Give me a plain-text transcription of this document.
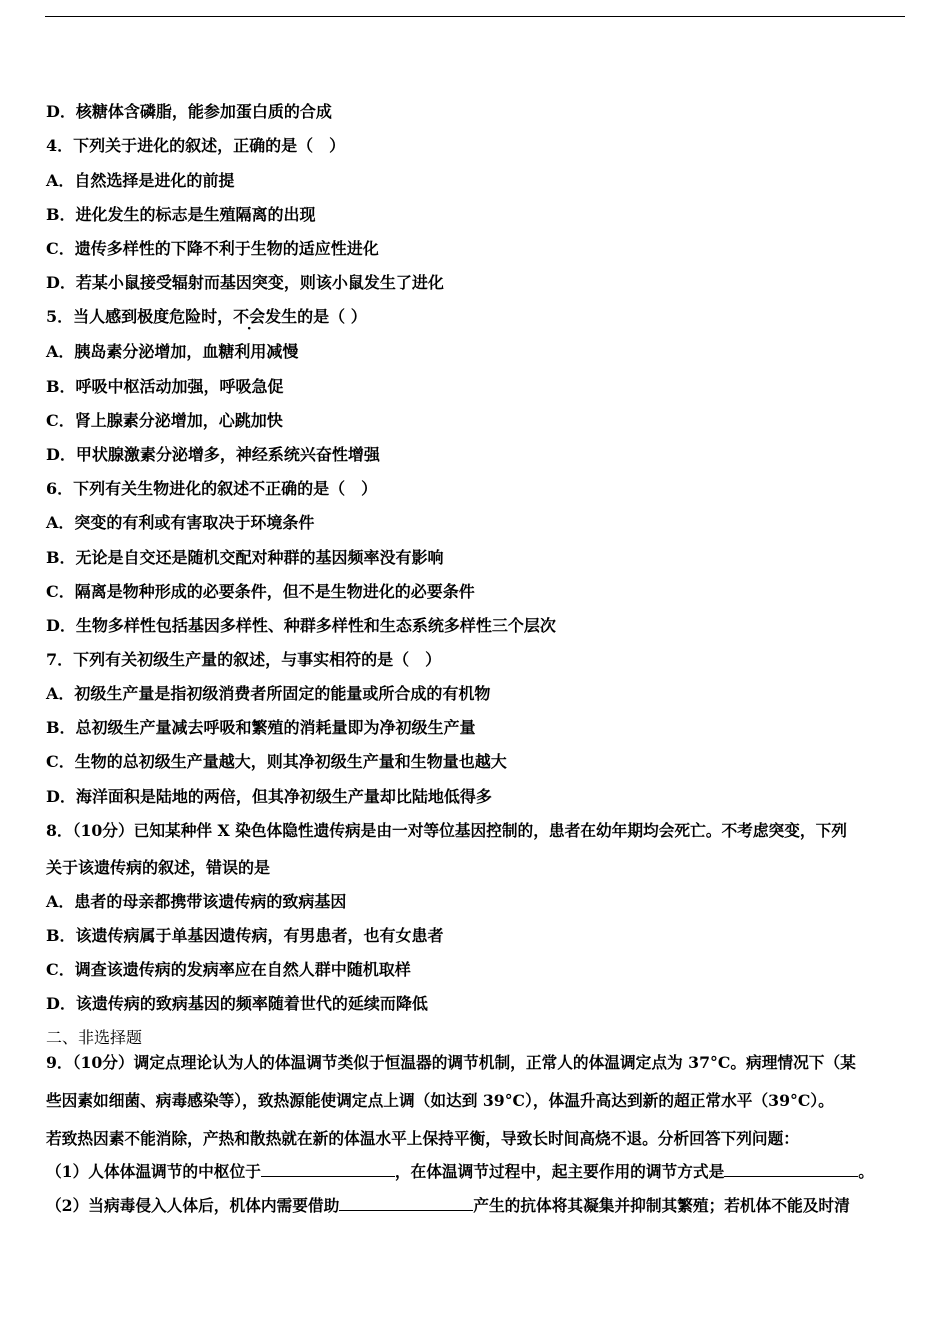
D．核糖体含磷脂，能参加蛋白质的合成
4．下列关于进化的叙述，正确的是（　）
A．自然选择是进化的前提
B．进化发生的标志是生殖隔离的出现
C．遗传多样性的下降不利于生物的适应性进化
D．若某小鼠接受辐射而基因突变，则该小鼠发生了进化
5．当人感到极度危险时，不会发生的是（ ）
A．胰岛素分泌增加，血糖利用减慢
B．呼吸中枢活动加强，呼吸急促
C．肾上腺素分泌增加，心跳加快
D．甲状腺激素分泌增多，神经系统兴奋性增强
6．下列有关生物进化的叙述不正确的是（　）
A．突变的有利或有害取决于环境条件
B．无论是自交还是随机交配对种群的基因频率没有影响
C．隔离是物种形成的必要条件，但不是生物进化的必要条件
D．生物多样性包括基因多样性、种群多样性和生态系统多样性三个层次
7．下列有关初级生产量的叙述，与事实相符的是（　）
A．初级生产量是指初级消费者所固定的能量或所合成的有机物
B．总初级生产量减去呼吸和繁殖的消耗量即为净初级生产量
C．生物的总初级生产量越大，则其净初级生产量和生物量也越大
D．海洋面积是陆地的两倍，但其净初级生产量却比陆地低得多
8．（10分）已知某种伴 X 染色体隐性遗传病是由一对等位基因控制的，患者在幼年期均会死亡。不考虑突变，下列
关于该遗传病的叙述，错误的是
A．患者的母亲都携带该遗传病的致病基因
B．该遗传病属于单基因遗传病，有男患者，也有女患者
C．调查该遗传病的发病率应在自然人群中随机取样
D．该遗传病的致病基因的频率随着世代的延续而降低
二、非选择题
9．（10分）调定点理论认为人的体温调节类似于恒温器的调节机制，正常人的体温调定点为 37°C。病理情况下（某
些因素如细菌、病毒感染等），致热源能使调定点上调（如达到 39°C），体温升高达到新的超正常水平（39°C）。
若致热因素不能消除，产热和散热就在新的体温水平上保持平衡，导致长时间高烧不退。分析回答下列问题：
（1）人体体温调节的中枢位于	，在体温调节过程中，起主要作用的调节方式是	。
（2）当病毒侵入人体后，机体内需要借助	产生的抗体将其凝集并抑制其繁殖；若机体不能及时清
